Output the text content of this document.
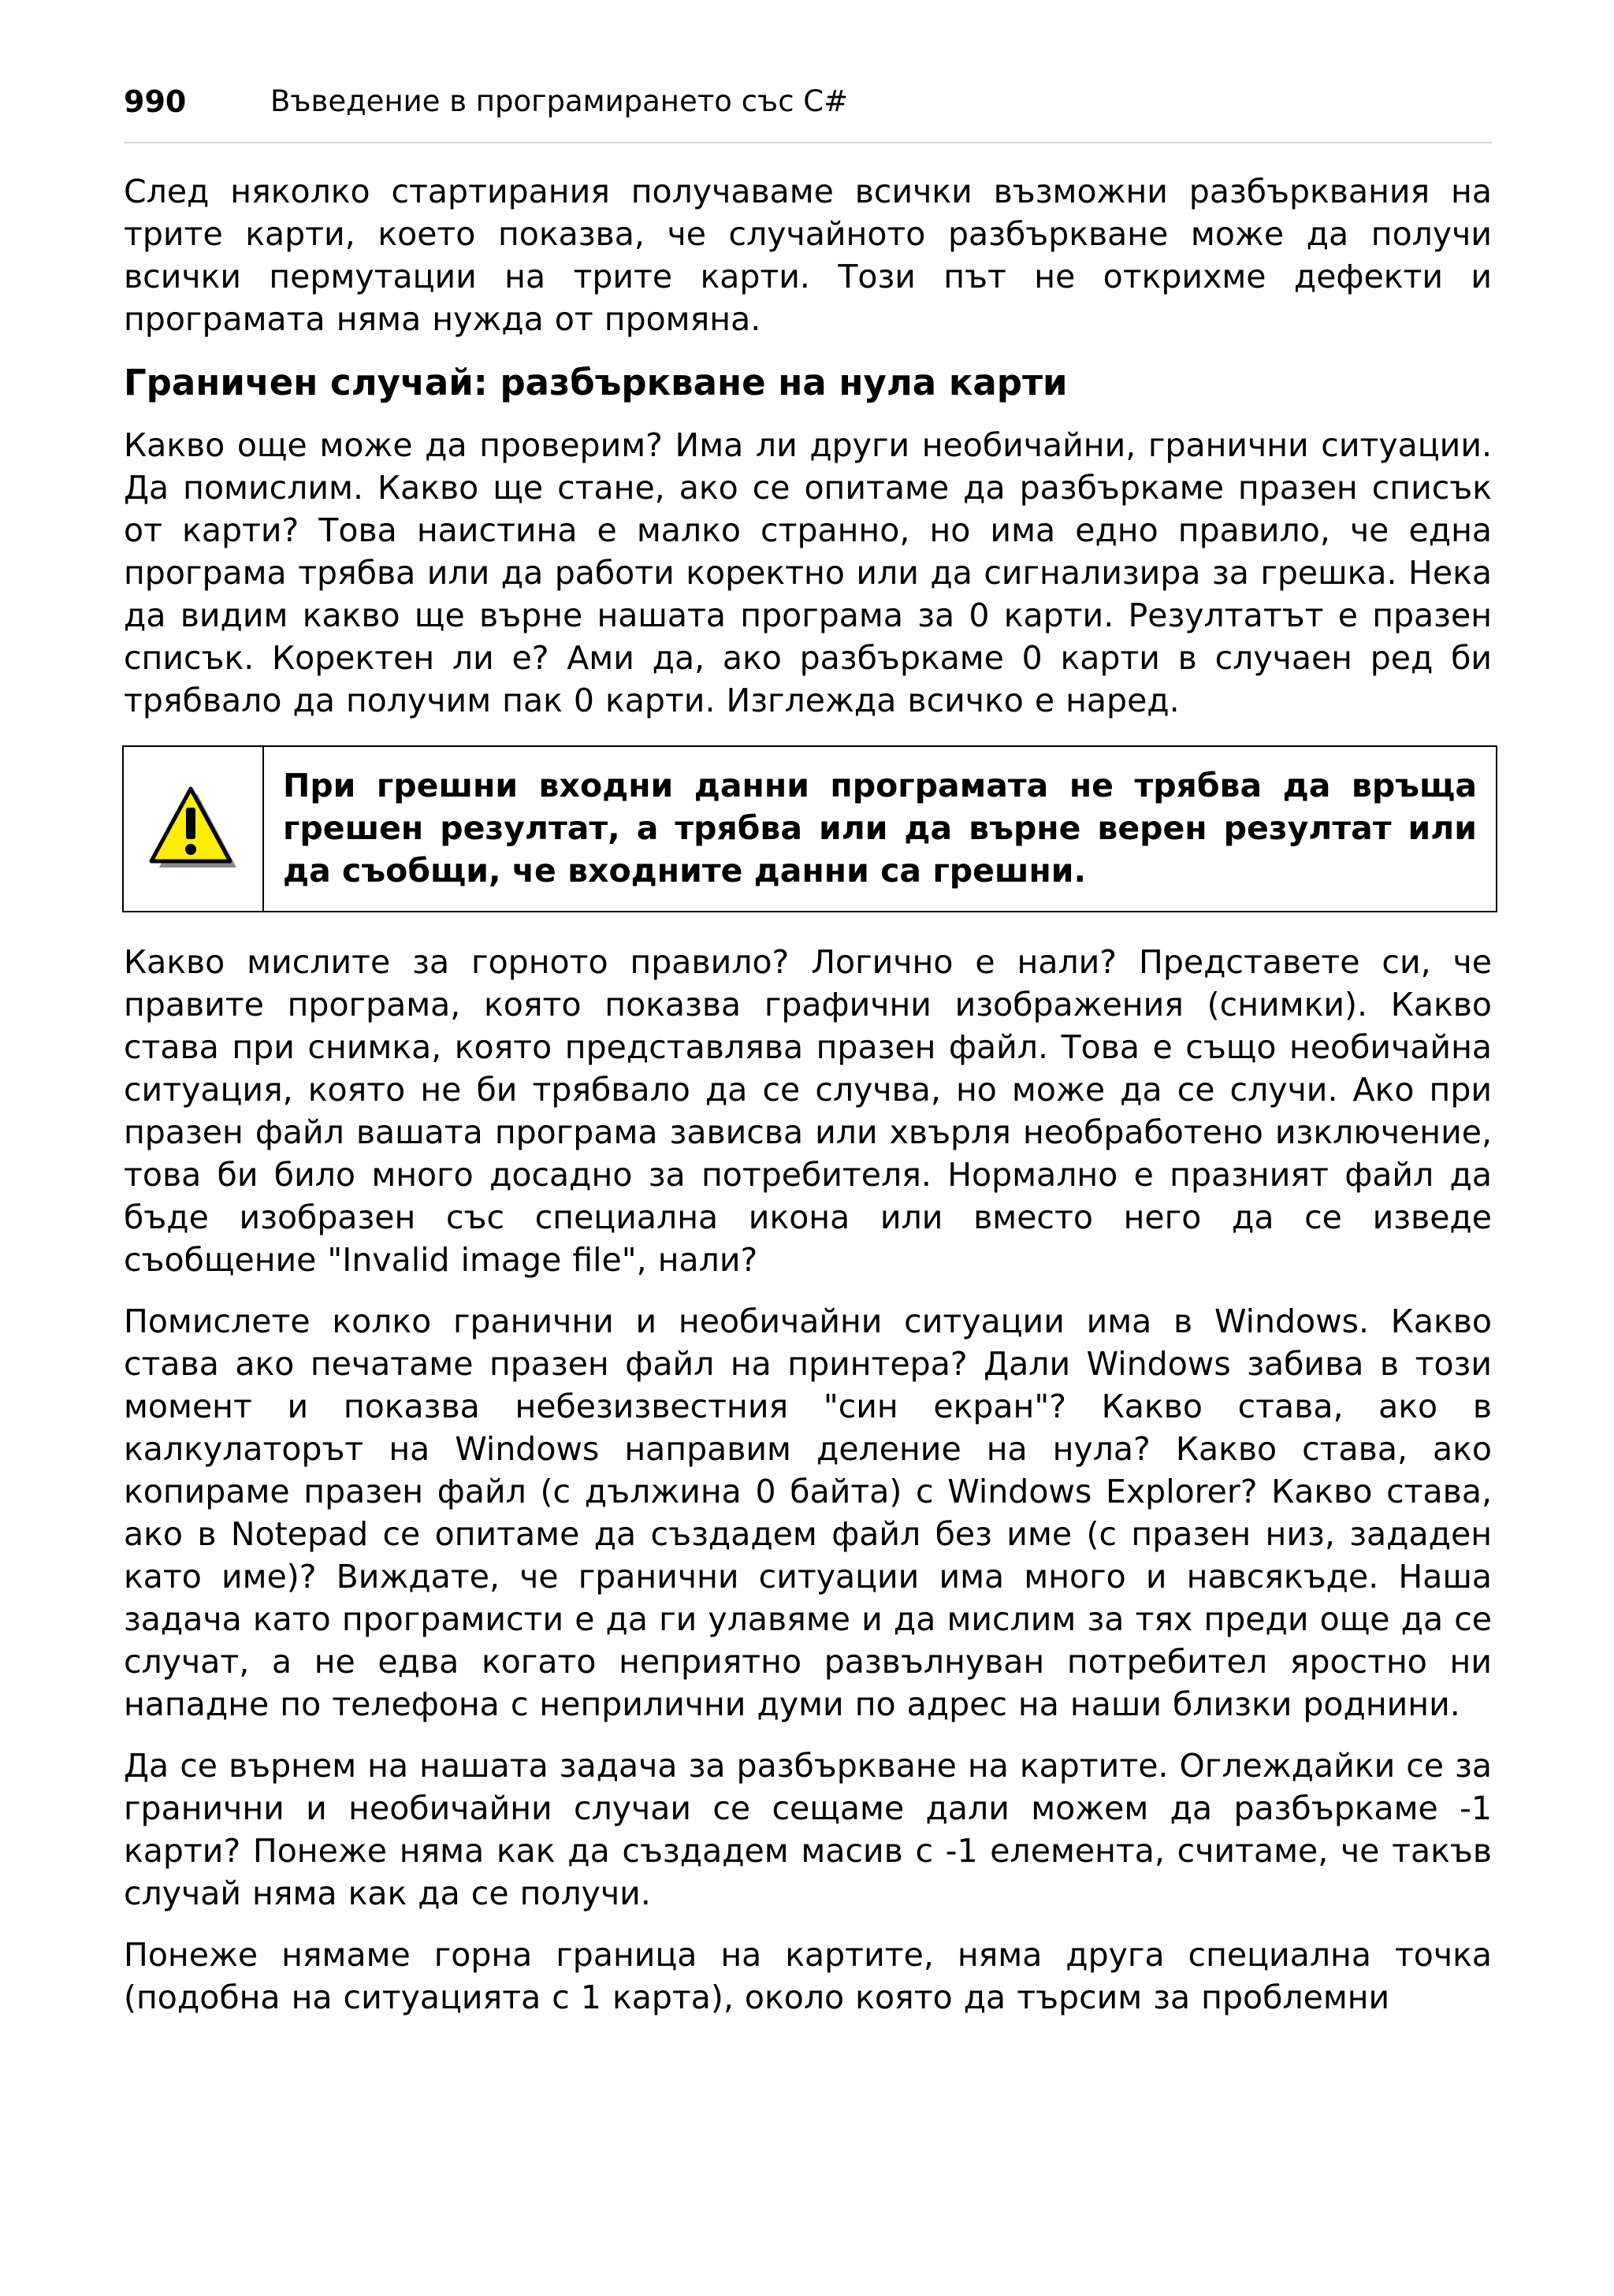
990	Въведение в програмирането със C#

След няколко стартирания получаваме всички възможни разбърквания на трите карти, което показва, че случайното разбъркване може да получи всички пермутации на трите карти. Този път не открихме дефекти и програмата няма нужда от промяна.

Граничен случай: разбъркване на нула карти

Какво още може да проверим? Има ли други необичайни, гранични ситуации. Да помислим. Какво ще стане, ако се опитаме да разбъркаме празен списък от карти? Това наистина е малко странно, но има едно правило, че една програма трябва или да работи коректно или да сигнализира за грешка. Нека да видим какво ще върне нашата програма за 0 карти. Резултатът е празен списък. Коректен ли е? Ами да, ако разбъркаме 0 карти в случаен ред би трябвало да получим пак 0 карти. Изглежда всичко е наред.

При грешни входни данни програмата не трябва да връща грешен резултат, а трябва или да върне верен резултат или да съобщи, че входните данни са грешни.

Какво мислите за горното правило? Логично е нали? Представете си, че правите програма, която показва графични изображения (снимки). Какво става при снимка, която представлява празен файл. Това е също необичайна ситуация, която не би трябвало да се случва, но може да се случи. Ако при празен файл вашата програма зависва или хвърля необработено изключение, това би било много досадно за потребителя. Нормално е празният файл да бъде изобразен със специална икона или вместо него да се изведе съобщение "Invalid image file", нали?

Помислете колко гранични и необичайни ситуации има в Windows. Какво става ако печатаме празен файл на принтера? Дали Windows забива в този момент и показва небезизвестния "син екран"? Какво става, ако в калкулаторът на Windows направим деление на нула? Какво става, ако копираме празен файл (с дължина 0 байта) с Windows Explorer? Какво става, ако в Notepad се опитаме да създадем файл без име (с празен низ, зададен като име)? Виждате, че гранични ситуации има много и навсякъде. Наша задача като програмисти е да ги улавяме и да мислим за тях преди още да се случат, а не едва когато неприятно развълнуван потребител яростно ни нападне по телефона с неприлични думи по адрес на наши близки роднини.

Да се върнем на нашата задача за разбъркване на картите. Оглеждайки се за гранични и необичайни случаи се сещаме дали можем да разбъркаме -1 карти? Понеже няма как да създадем масив с -1 елемента, считаме, че такъв случай няма как да се получи.

Понеже нямаме горна граница на картите, няма друга специална точка (подобна на ситуацията с 1 карта), около която да търсим за проблемни
